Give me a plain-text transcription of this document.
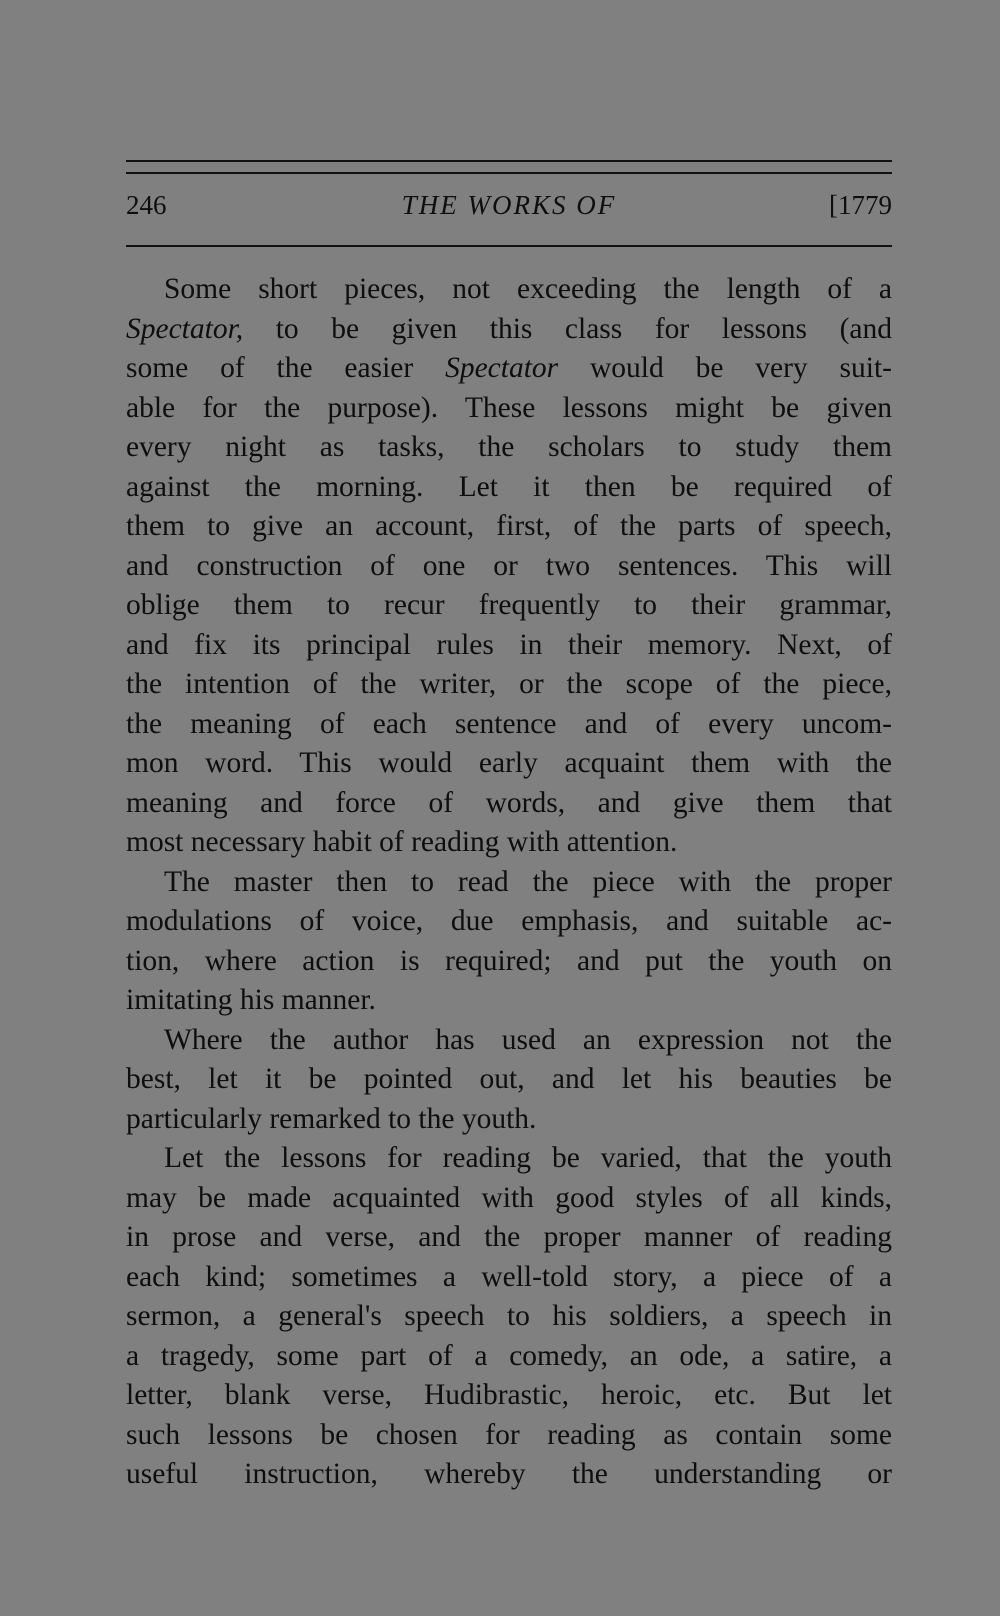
246	THE WORKS OF	[1779
Some short pieces, not exceeding the length of a
Spectator, to be given this class for lessons (and
some of the easier Spectator would be very suit-
able for the purpose). These lessons might be given
every night as tasks, the scholars to study them
against the morning. Let it then be required of
them to give an account, first, of the parts of speech,
and construction of one or two sentences. This will
oblige them to recur frequently to their grammar,
and fix its principal rules in their memory. Next, of
the intention of the writer, or the scope of the piece,
the meaning of each sentence and of every uncom-
mon word. This would early acquaint them with the
meaning and force of words, and give them that
most necessary habit of reading with attention.
The master then to read the piece with the proper
modulations of voice, due emphasis, and suitable ac-
tion, where action is required; and put the youth on
imitating his manner.
Where the author has used an expression not the
best, let it be pointed out, and let his beauties be
particularly remarked to the youth.
Let the lessons for reading be varied, that the youth
may be made acquainted with good styles of all kinds,
in prose and verse, and the proper manner of reading
each kind; sometimes a well-told story, a piece of a
sermon, a general's speech to his soldiers, a speech in
a tragedy, some part of a comedy, an ode, a satire, a
letter, blank verse, Hudibrastic, heroic, etc. But let
such lessons be chosen for reading as contain some
useful instruction, whereby the understanding or
